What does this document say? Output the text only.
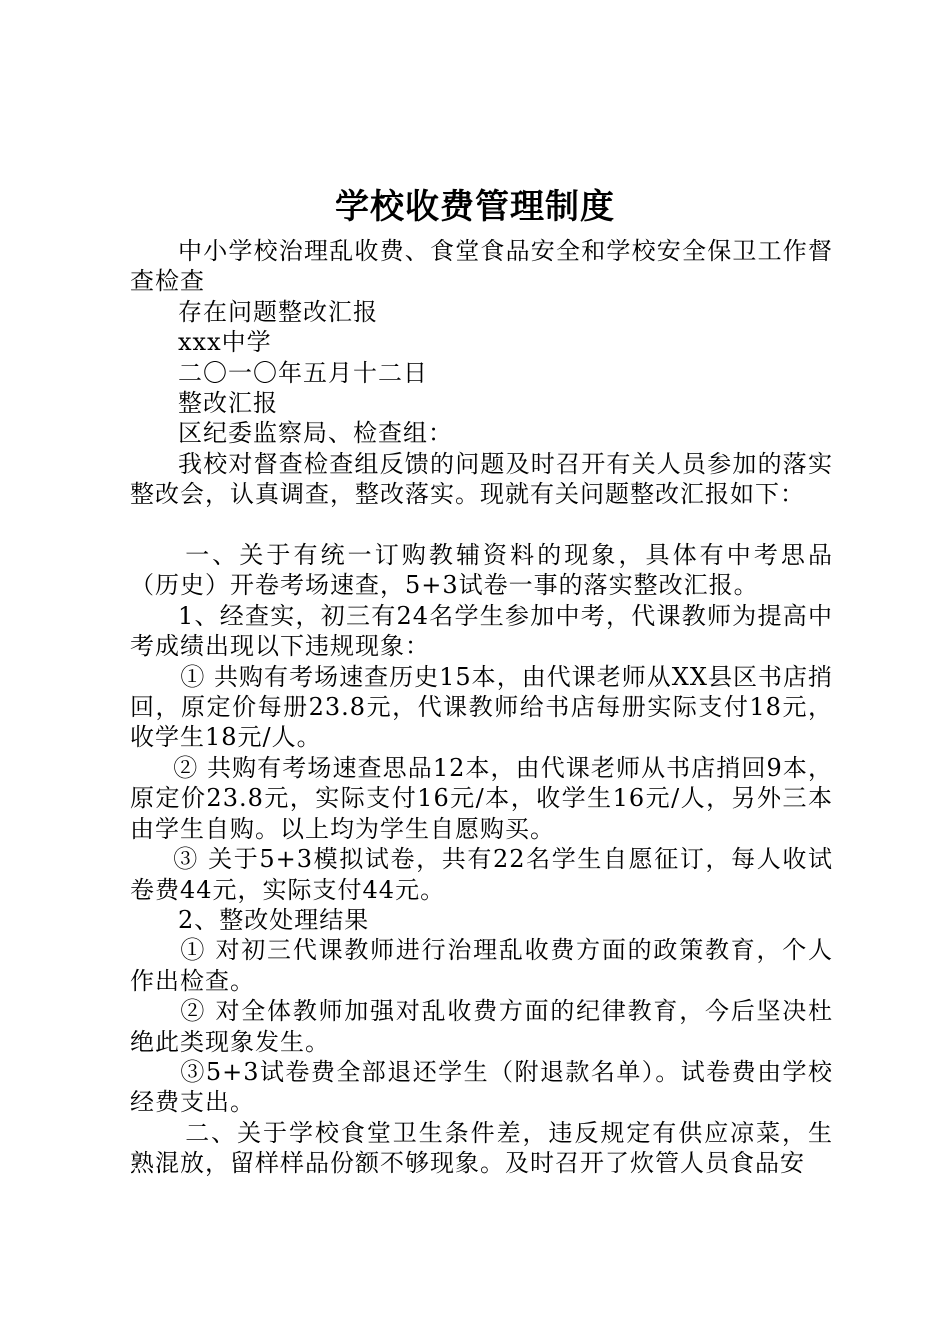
学校收费管理制度

中小学校治理乱收费、食堂食品安全和学校安全保卫工作督查检查

存在问题整改汇报

xxx中学

二〇一〇年五月十二日

整改汇报

区纪委监察局、检查组：

我校对督查检查组反馈的问题及时召开有关人员参加的落实整改会，认真调查，整改落实。现就有关问题整改汇报如下：

一、关于有统一订购教辅资料的现象，具体有中考思品（历史）开卷考场速查，5+3试卷一事的落实整改汇报。

1、经查实，初三有24名学生参加中考，代课教师为提高中考成绩出现以下违规现象：

① 共购有考场速查历史15本，由代课老师从XX县区书店捎回，原定价每册23.8元，代课教师给书店每册实际支付18元，收学生18元/人。

② 共购有考场速查思品12本，由代课老师从书店捎回9本，原定价23.8元，实际支付16元/本，收学生16元/人，另外三本由学生自购。以上均为学生自愿购买。

③ 关于5+3模拟试卷，共有22名学生自愿征订，每人收试卷费44元，实际支付44元。

2、整改处理结果

① 对初三代课教师进行治理乱收费方面的政策教育，个人作出检查。

② 对全体教师加强对乱收费方面的纪律教育，今后坚决杜绝此类现象发生。

③5+3试卷费全部退还学生（附退款名单）。试卷费由学校经费支出。

二、关于学校食堂卫生条件差，违反规定有供应凉菜，生熟混放，留样样品份额不够现象。及时召开了炊管人员食品安
